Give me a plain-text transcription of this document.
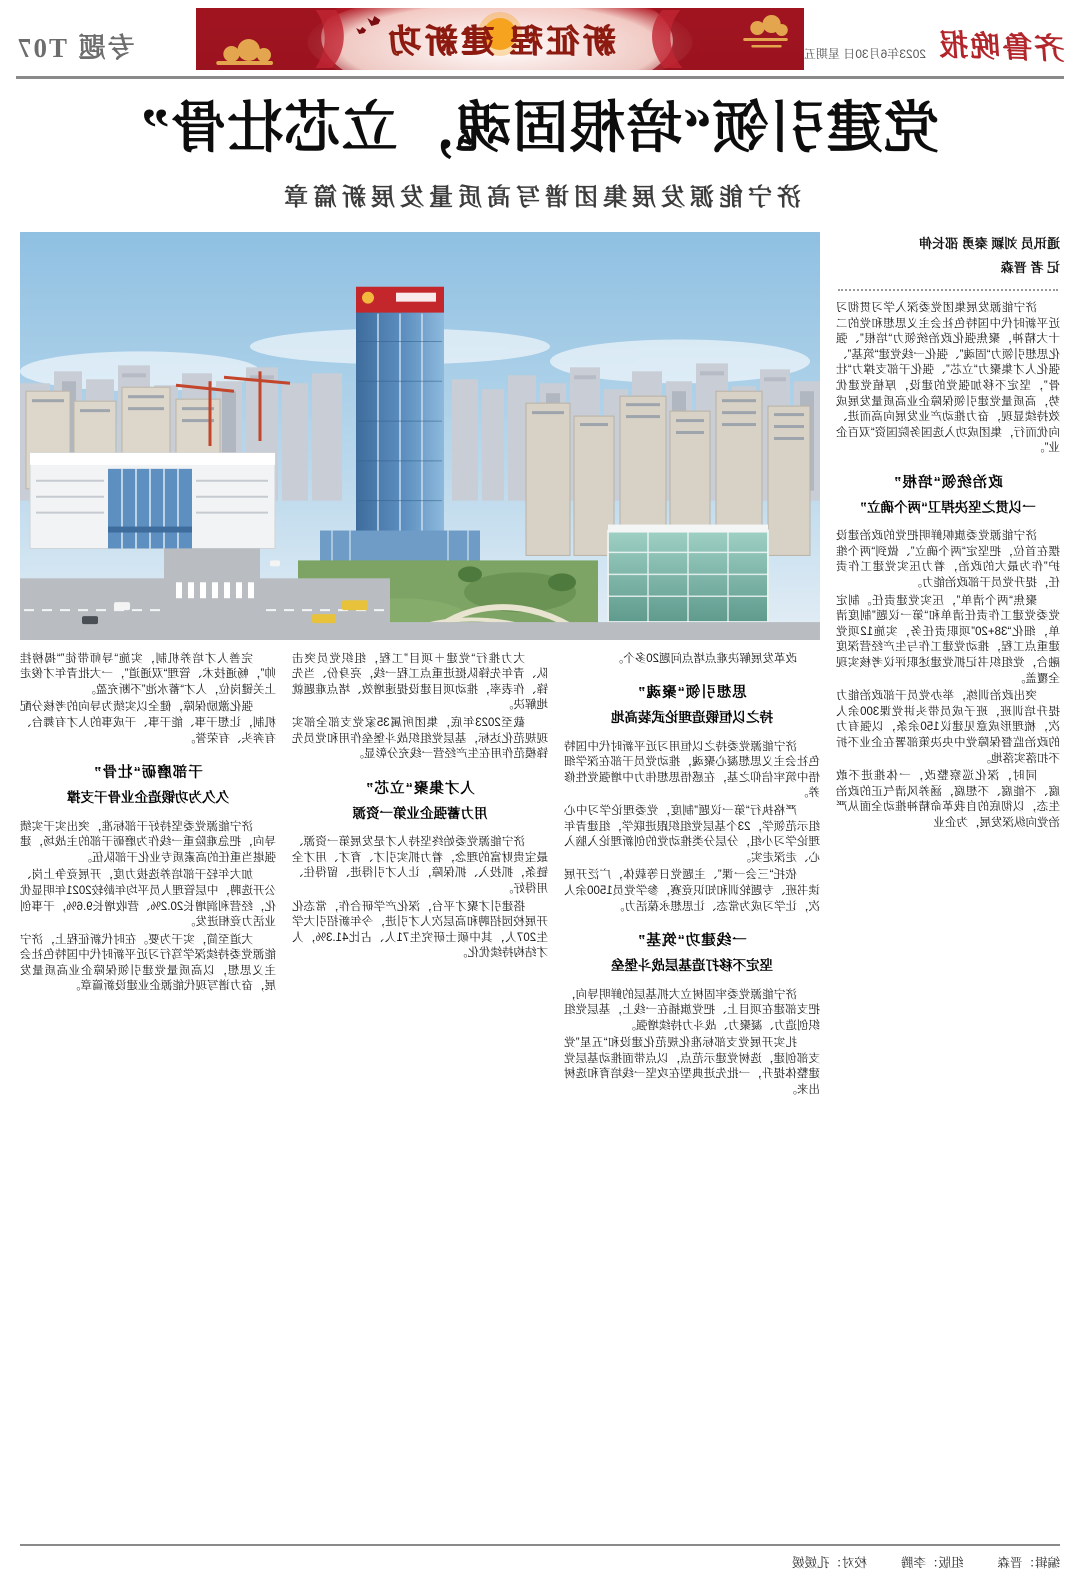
齐鲁晚报
2023年6月30日 星期五
新征程 建新功
专题 T07
党建引领“培根固魂，立芯壮骨”
济宁能源发展集团谱写高质量发展新篇章
通讯员 刘颖 秦勇 邵长伸
记 者 晋森

济宁能源发展集团党委深入学习贯彻习近平新时代中国特色社会主义思想和党的二十大精神，聚焦强化政治统领力“培根”、强化思想引领力“固魂”、强化一线党建“筑基”、强化人才集聚力“立芯”、强化干部支撑力“壮骨”，坚定不移加强党的建设，厚植党建优势，高质量党建引领保障企业高质量发展成效持续显现，奋力推动产业发展向高而进、向优而行，集团成功入选国务院国资“双百企业”。

政治统领“培根”
一以贯之坚决捍卫“两个确立”

济宁能源党委旗帜鲜明把党的政治建设摆在首位，把坚定“两个确立”、做到“两个维护”作为最大的政治，着力压实党建工作责任，提升党员干部政治能力。

聚焦“两个清单”，压实党建责任。制定党委党建工作责任清单和“第一议题”制度清单，细化“38+20”项职责任务，实施12项党建重点工程，推动党建工作与生产经营深度融合，党组织书记抓党建述职评议考核实现全覆盖。

突出政治训练，举办党员干部政治能力提升培训班，班子成员带头讲党课300余人次，梳理形成意见建议150余条，以强有力的政治监督保障党中央决策部署在企业不折不扣落实落地。

同时，深化巡察整改，一体推进不敢腐、不能腐、不想腐，涵养风清气正的政治生态，以彻底的自我革命精神推动全面从严治党向纵深发展，为企业

改革发展解决难点堵点问题20多个。

思想引领“聚魂”
持之以恒锻造理论武装高地

济宁能源党委持之以恒用习近平新时代中国特色社会主义思想凝心聚魂，推动党员干部在深学细悟中筑牢信仰之基，在感悟思想伟力中增强党性修养。

严格执行“第一议题”制度，党委理论学习中心组示范领学，23个基层党组织跟进联学，组建青年理论学习小组，分层分类推动党的创新理论入脑入心、走深走实。

依托“三会一课”、主题党日等载体，广泛开展读书班、专题轮训和知识竞赛，参学党员1500余人次，让学习成为常态、让思想永葆活力。

一线建功“筑基”
坚定不移打造基层战斗堡垒

济宁能源党委牢固树立大抓基层的鲜明导向，把支部建在项目上、把党旗插在一线上，基层党组织创造力、凝聚力、战斗力持续增强。

扎实开展党支部标准化规范化建设和“五星”党支部创建，选树党建示范点，以点带面推动基层党建整体提升，一批先进典型在攻坚一线培育和选树出来。

大力推行“党建＋项目”工程，组织党员突击队、青年先锋队挺进重点工程一线，亮身份、当先锋、作表率，推动项目建设提速增效、堵点难题就地解决。

截至2023年底，集团所属35家党支部全部实现规范化达标，基层党组织战斗堡垒作用和党员先锋模范作用在生产经营一线充分彰显。

人才集聚“立芯”
用力蓄强企业第一资源

济宁能源党委始终坚持人才是发展第一资源、最宝贵财富的理念，着力抓实引才、育才、用才全链条，抓投入、抓保障，让人才引得进、留得住、用得好。

搭建引才聚才平台，深化产学研合作，常态化开展校园招聘和高层次人才引进，今年新招引大学生207人，其中硕士研究生71人、占比41.3%，人才结构持续优化。

完善人才培养机制，实施“导师带徒”“揭榜挂帅”，畅通技术、管理“双通道”，一大批青年才俊走上关键岗位，人才“蓄水池”不断充盈。

强化激励保障，健全以实绩为导向的考核分配机制，让想干事、能干事、干成事的人才有舞台、有奔头、有荣誉。

干部磨砺“壮骨”
久久为功锻造企业骨干支撑

济宁能源党委坚持好干部标准，突出实干实绩导向，把急难险重一线作为磨砺干部的主战场，建强堪当重任的高素质专业化干部队伍。

加大年轻干部培养选拔力度，开展竞争上岗、公开选聘，中层管理人员平均年龄较2021年明显优化，经营利润增长20.2%、营收增长9.6%，干事创业活力竞相迸发。

大道至简，实干为要。在时代新征程上，济宁能源党委持续深学笃行习近平新时代中国特色社会主义思想，以高质量党建引领保障企业高质量发展，奋力谱写现代能源企业建设新篇章。

编辑：晋森
组版：李腾
校对：孔媛媛
